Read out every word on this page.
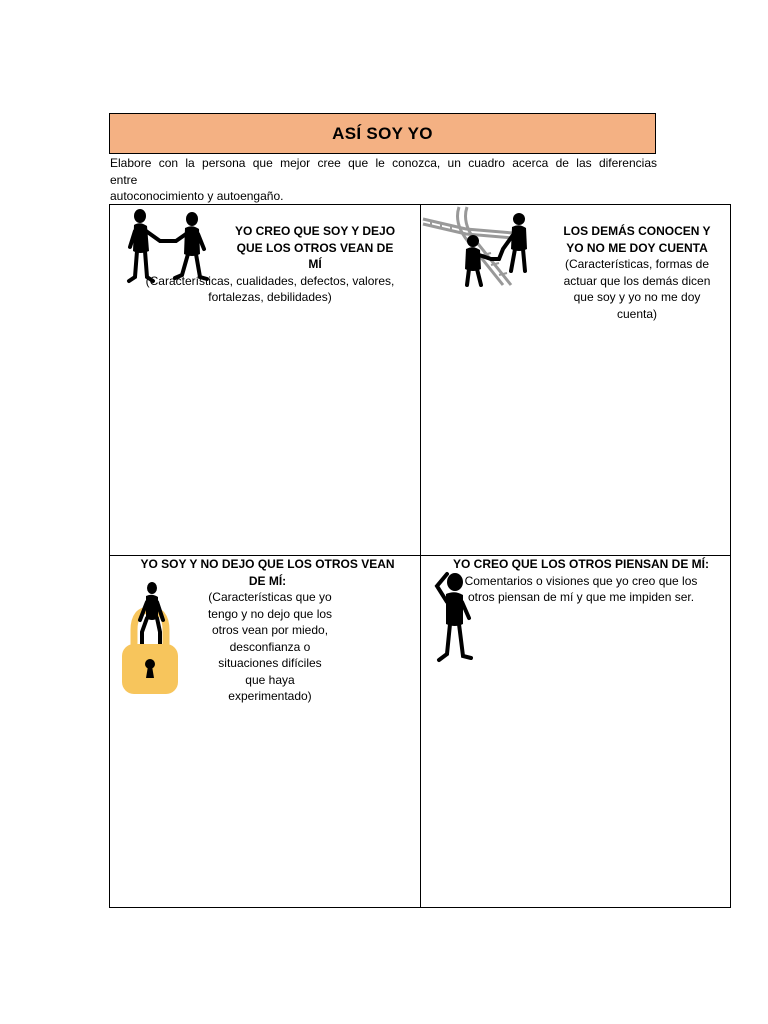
ASÍ SOY YO
Elabore con la persona que mejor cree que le conozca, un cuadro acerca de las diferencias
entre
autoconocimiento y autoengaño.
YO CREO QUE SOY Y DEJO QUE LOS OTROS VEAN DE MÍ
(Características, cualidades, defectos, valores, fortalezas, debilidades)
LOS DEMÁS CONOCEN Y YO NO ME DOY CUENTA
(Características, formas de actuar que los demás dicen que soy y yo no me doy cuenta)
YO SOY Y NO DEJO QUE LOS OTROS VEAN DE MÍ:
(Características que yo tengo y no dejo que los otros vean por miedo, desconfianza o situaciones difíciles que haya experimentado)
YO CREO QUE LOS OTROS PIENSAN DE MÍ:
Comentarios o visiones que yo creo que los otros piensan de mí y que me impiden ser.
